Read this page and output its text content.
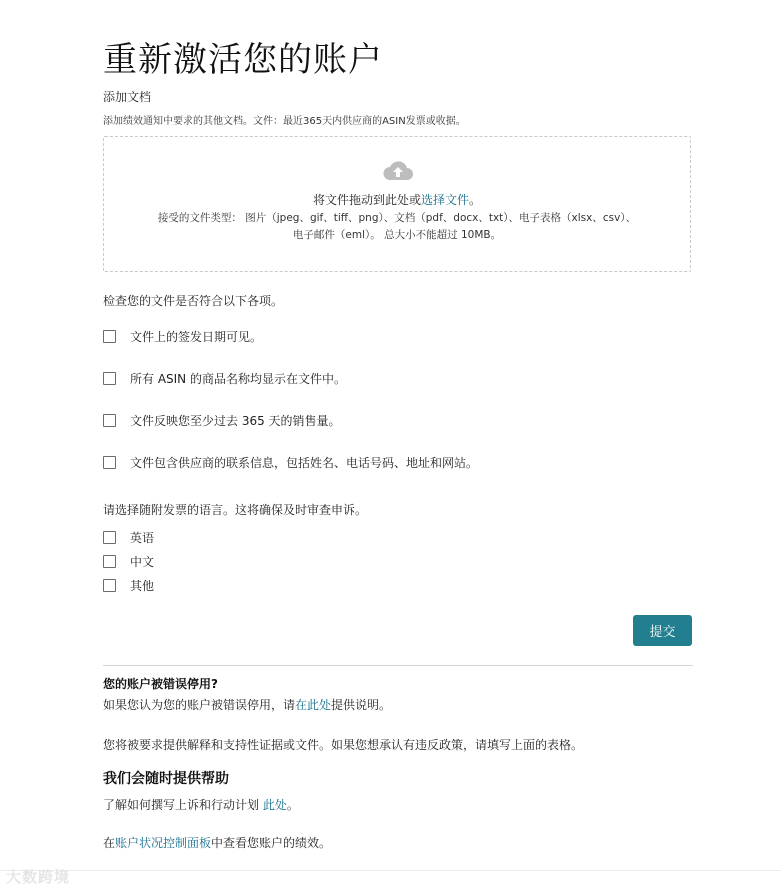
重新激活您的账户
添加文档
添加绩效通知中要求的其他文档。文件：最近365天内供应商的ASIN发票或收据。
将文件拖动到此处或选择文件。
接受的文件类型： 图片（jpeg、gif、tiff、png）、文档（pdf、docx、txt）、电子表格（xlsx、csv）、
电子邮件（eml）。 总大小不能超过 10MB。
检查您的文件是否符合以下各项。
文件上的签发日期可见。
所有 ASIN 的商品名称均显示在文件中。
文件反映您至少过去 365 天的销售量。
文件包含供应商的联系信息，包括姓名、电话号码、地址和网站。
请选择随附发票的语言。这将确保及时审查申诉。
英语
中文
其他
提交
您的账户被错误停用?
如果您认为您的账户被错误停用，请在此处提供说明。
您将被要求提供解释和支持性证据或文件。如果您想承认有违反政策，请填写上面的表格。
我们会随时提供帮助
了解如何撰写上诉和行动计划 此处。
在账户状况控制面板中查看您账户的绩效。
大数跨境
